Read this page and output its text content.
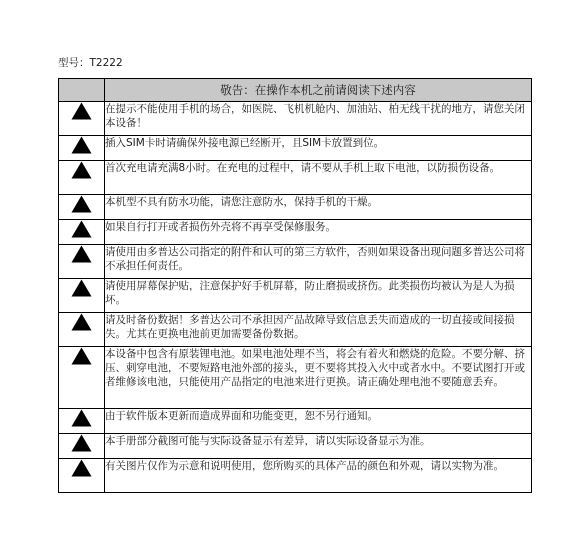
型号：T2222
	敬告：在操作本机之前请阅读下述内容

	在提示不能使用手机的场合，如医院、飞机机舱内、加油站、柏无线干扰的地方，请您关闭本设备！

	插入SIM卡时请确保外接电源已经断开，且SIM卡放置到位。

	首次充电请充满8小时。在充电的过程中，请不要从手机上取下电池，以防损伤设备。

	本机型不具有防水功能，请您注意防水，保持手机的干燥。

	如果自行打开或者损伤外壳将不再享受保修服务。

	请使用由多普达公司指定的附件和认可的第三方软件，否则如果设备出现问题多普达公司将不承担任何责任。

	请使用屏幕保护贴，注意保护好手机屏幕，防止磨损或挤伤。此类损伤均被认为是人为损坏。

	请及时备份数据！多普达公司不承担因产品故障导致信息丢失而造成的一切直接或间接损失。尤其在更换电池前更加需要备份数据。

	本设备中包含有原装锂电池。如果电池处理不当，将会有着火和燃烧的危险。不要分解、挤压、刺穿电池，不要短路电池外部的接头，更不要将其投入火中或者水中。不要试图打开或者维修该电池，只能使用产品指定的电池来进行更换。请正确处理电池不要随意丢弃。

	由于软件版本更新而造成界面和功能变更，恕不另行通知。

	本手册部分截图可能与实际设备显示有差异，请以实际设备显示为准。

	有关图片仅作为示意和说明使用，您所购买的具体产品的颜色和外观，请以实物为准。
